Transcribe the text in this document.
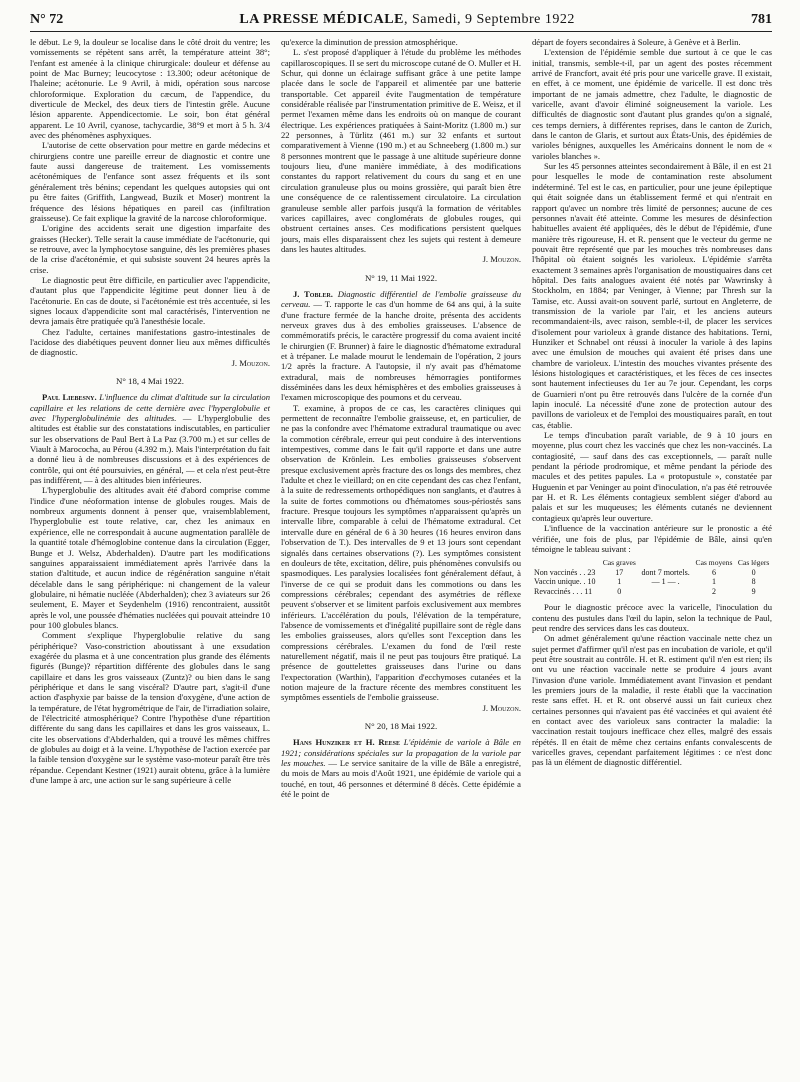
N° 72	LA PRESSE MÉDICALE, Samedi, 9 Septembre 1922	781

le début. Le 9, la douleur se localise dans le côté droit du ventre; les vomissements se répètent sans arrêt, la température atteint 38°; l'enfant est amenée à la clinique chirurgicale: douleur et défense au point de Mac Burney; leucocytose : 13.300; odeur acétonique de l'haleine; acétonurie. Le 9 Avril, à midi, opération sous narcose chloroformique. Exploration du cæcum, de l'appendice, du diverticule de Meckel, des deux tiers de l'intestin grêle. Aucune lésion apparente. Appendicectomie. Le soir, bon état général apparent. Le 10 Avril, cyanose, tachycardie, 38°9 et mort à 5 h. 3/4 avec des phénomènes asphyxiques.

L'autorise de cette observation pour mettre en garde médecins et chirurgiens contre une pareille erreur de diagnostic et contre une faute aussi dangereuse de traitement. Les vomissements acétonémiques de l'enfance sont assez fréquents et ils sont généralement très bénins; cependant les quelques autopsies qui ont pu être faites (Griffith, Langwead, Buzik et Moser) montrent la fréquence des lésions hépatiques en pareil cas (infiltration graisseuse). Ce fait explique la gravité de la narcose chloroformique.

L'origine des accidents serait une digestion imparfaite des graisses (Hecker). Telle serait la cause immédiate de l'acétonurie, qui se retrouve, avec la lymphocytose sanguine, dès les premières phases de la crise d'acétonémie, et qui subsiste souvent 24 heures après la crise.

Le diagnostic peut être difficile, en particulier avec l'appendicite, d'autant plus que l'appendicite légitime peut donner lieu à de l'acétonurie. En cas de doute, si l'acétonémie est très accentuée, si les signes locaux d'appendicite sont mal caractérisés, l'intervention ne devra jamais être pratiquée qu'à l'anesthésie locale.

Chez l'adulte, certaines manifestations gastro-intestinales de l'acidose des diabétiques peuvent donner lieu aux mêmes difficultés de diagnostic.

J. Mouzon.
N° 18, 4 Mai 1922.

Paul Liebesny. L'influence du climat d'altitude sur la circulation capillaire et les relations de cette dernière avec l'hyperglobulie et avec l'hyperglobulinémie des altitudes. — L'hyperglobulie des altitudes est établie sur des constatations indiscutables, en particulier sur les observations de Paul Bert à La Paz (3.700 m.) et sur celles de Viault à Marococha, au Pérou (4.392 m.). Mais l'interprétation du fait a donné lieu à de nombreuses discussions et à des expériences de contrôle, qui ont été poursuivies, en général, — et cela n'est peut-être pas indifférent, — à des altitudes bien inférieures.

L'hyperglobulie des altitudes avait été d'abord comprise comme l'indice d'une néoformation intense de globules rouges. Mais de nombreux arguments donnent à penser que, vraisemblablement, l'hyperglobulie est toute relative, car, chez les animaux en expérience, elle ne correspondait à aucune augmentation parallèle de la quantité totale d'hémoglobine contenue dans la circulation (Egger, Bunge et J. Welsz, Abderhalden). D'autre part les modifications sanguines apparaissaient immédiatement après l'arrivée dans la station d'altitude, et aucun indice de régénération sanguine n'était décelable dans le sang périphérique: ni changement de la valeur globulaire, ni hématie nucléée (Abderhalden); chez 3 aviateurs sur 26 seulement, E. Mayer et Seydenhelm (1916) rencontraient, aussitôt après le vol, une poussée d'hématies nucléées qui pouvait atteindre 10 pour 100 globules blancs.

Comment s'explique l'hyperglobulie relative du sang périphérique? Vaso-constriction aboutissant à une exsudation exagérée du plasma et à une concentration plus grande des éléments figurés (Bunge)? répartition différente des globules dans le sang capillaire et dans les gros vaisseaux (Zuntz)? ou bien dans le sang périphérique et dans le sang viscéral? D'autre part, s'agit-il d'une action d'asphyxie par baisse de la tension d'oxygène, d'une action de la température, de l'état hygrométrique de l'air, de l'irradiation solaire, de l'électricité atmosphérique? Contre l'hypothèse d'une répartition différente du sang dans les capillaires et dans les gros vaisseaux, L. cite les observations d'Abderhalden, qui a trouvé les mêmes chiffres de globules au doigt et à la veine. L'hypothèse de l'action exercée par la faible tension d'oxygène sur le système vaso-moteur paraît être très répandue. Cependant Kestner (1921) aurait obtenu, grâce à la lumière d'une lampe à arc, une action sur le sang supérieure à celle

qu'exerce la diminution de pression atmosphérique.

L. s'est proposé d'appliquer à l'étude du problème les méthodes capillaroscopiques. Il se sert du microscope cutané de O. Muller et H. Schur, qui donne un éclairage suffisant grâce à une petite lampe placée dans le socle de l'appareil et alimentée par une batterie transportable. Cet appareil évite l'augmentation de température considérable réalisée par l'instrumentation primitive de E. Weisz, et il permet l'examen même dans les endroits où on manque de courant électrique. Les expériences pratiquées à Saint-Moritz (1.800 m.) sur 22 personnes, à Türlitz (461 m.) sur 32 enfants et surtout comparativement à Vienne (190 m.) et au Schneeberg (1.800 m.) sur 8 personnes montrent que le passage à une altitude supérieure donne toujours lieu, d'une manière immédiate, à des modifications constantes du rapport relativement du cours du sang et en une circulation granuleuse plus ou moins grossière, qui paraît bien être une conséquence de ce ralentissement circulatoire. La circulation granuleuse semble aller parfois jusqu'à la formation de véritables varices capillaires, avec conglomérats de globules rouges, qui obstruent certaines anses. Ces modifications persistent quelques jours, mais elles disparaissent chez les sujets qui restent à demeure dans les hautes altitudes.

J. Mouzon.
N° 19, 11 Mai 1922.

J. Tobler. Diagnostic différentiel de l'embolie graisseuse du cerveau. — T. rapporte le cas d'un homme de 64 ans qui, à la suite d'une fracture fermée de la hanche droite, présenta des accidents nerveux graves dus à des embolies graisseuses. L'absence de commémoratifs précis, le caractère progressif du coma avaient incité le chirurgien (F. Brunner) à faire le diagnostic d'hématome extradural et à trépaner. Le malade mourut le lendemain de l'opération, 2 jours 1/2 après la fracture. A l'autopsie, il n'y avait pas d'hématome extradural, mais de nombreuses hémorragies pontiformes disséminées dans les deux hémisphères et des embolies graisseuses à l'examen microscopique des poumons et du cerveau.

T. examine, à propos de ce cas, les caractères cliniques qui permettent de reconnaître l'embolie graisseuse, et, en particulier, de ne pas la confondre avec l'hématome extradural traumatique ou avec la commotion cérébrale, erreur qui peut conduire à des interventions intempestives, comme dans le fait qu'il rapporte et dans une autre observation de Krönlein. Les embolies graisseuses s'observent presque exclusivement après fracture des os longs des membres, chez l'adulte et chez le vieillard; on en cite cependant des cas chez l'enfant, à la suite de redressements orthopédiques non sanglants, et d'autres à la suite de fortes commotions ou d'hématomes sous-périostés sans fracture. Presque toujours les symptômes n'apparaissent qu'après un intervalle libre, comparable à celui de l'hématome extradural. Cet intervalle dure en général de 6 à 30 heures (16 heures environ dans l'observation de T.). Des intervalles de 9 et 13 jours sont cependant signalés dans certaines observations (?). Les symptômes consistent en douleurs de tête, excitation, délire, puis phénomènes convulsifs ou spasmodiques. Les paralysies localisées font généralement défaut, à l'inverse de ce qui se produit dans les commotions ou dans les compressions cérébrales; cependant des asymétries de réflexe peuvent s'observer et se limitent parfois exclusivement aux membres inférieurs. L'accélération du pouls, l'élévation de la température, l'absence de vomissements et d'inégalité pupillaire sont de règle dans les embolies graisseuses, alors qu'elles sont l'exception dans les compressions cérébrales. L'examen du fond de l'œil reste naturellement négatif, mais il ne peut pas toujours être pratiqué. La présence de gouttelettes graisseuses dans l'urine ou dans l'expectoration (Warthin), l'apparition d'ecchymoses cutanées et la notion majeure de la fracture récente des membres constituent les symptômes essentiels de l'embolie graisseuse.

J. Mouzon.
N° 20, 18 Mai 1922.

Hans Hunziker et H. Reese L'épidémie de variole à Bâle en 1921; considérations spéciales sur la propagation de la variole par les mouches. — Le service sanitaire de la ville de Bâle a enregistré, du mois de Mars au mois d'Août 1921, une épidémie de variole qui a touché, en tout, 46 personnes et déterminé 8 décès. Cette épidémie a été le point de

départ de foyers secondaires à Soleure, à Genève et à Berlin.

L'extension de l'épidémie semble due surtout à ce que le cas initial, transmis, semble-t-il, par un agent des postes récemment arrivé de Francfort, avait été pris pour une varicelle grave. Il existait, en effet, à ce moment, une épidémie de varicelle. Il est donc très important de ne jamais admettre, chez l'adulte, le diagnostic de varicelle, avant d'avoir éliminé soigneusement la variole. Les difficultés de diagnostic sont d'autant plus grandes qu'on a signalé, ces temps derniers, à différentes reprises, dans le canton de Zurich, dans le canton de Glaris, et surtout aux États-Unis, des épidémies de varioles bénignes, auxquelles les Américains donnent le nom de « varioles blanches ».

Sur les 45 personnes atteintes secondairement à Bâle, il en est 21 pour lesquelles le mode de contamination reste absolument indéterminé. Tel est le cas, en particulier, pour une jeune épileptique qui était soignée dans un établissement fermé et qui n'entrait en rapport qu'avec un nombre très limité de personnes; aucune de ces personnes n'avait été atteinte. Comme les mesures de désinfection habituelles avaient été appliquées, dès le début de l'épidémie, d'une manière très rigoureuse, H. et R. pensent que le vecteur du germe ne pouvait être représenté que par les mouches très nombreuses dans l'hôpital où étaient soignés les varioleux. L'épidémie s'arrêta exactement 3 semaines après l'organisation de moustiquaires dans cet hôpital. Des faits analogues avaient été notés par Wawrinsky à Stockholm, en 1884; par Veninger, à Vienne; par Thresh sur la Tamise, etc. Aussi avait-on souvent parlé, surtout en Angleterre, de transmission de la variole par l'air, et les anciens auteurs recommandaient-ils, avec raison, semble-t-il, de placer les services d'isolement pour varioleux à grande distance des habitations. Terni, Hunziker et Schnabel ont réussi à inoculer la variole à des lapins avec une émulsion de mouches qui avaient été prises dans une chambre de varioleux. L'intestin des mouches vivantes présente des lésions histologiques et caractéristiques, et les fèces de ces insectes sont hautement infectieuses du 1er au 7e jour. Cependant, les corps de Guarnieri n'ont pu être retrouvés dans l'ulcère de la cornée d'un lapin inoculé. La nécessité d'une zone de protection autour des pavillons de varioleux et de l'emploi des moustiquaires paraît, en tout cas, établie.

Le temps d'incubation paraît variable, de 9 à 10 jours en moyenne, plus court chez les vaccinés que chez les non-vaccinés. La contagiosité, — sauf dans des cas exceptionnels, — paraît nulle pendant la période prodromique, et même pendant la période des macules et des petites papules. La « protopustule », constatée par Huguenin et par Veninger au point d'inoculation, n'a pas été retrouvée par H. et R. Les éléments contagieux semblent siéger d'abord au palais et sur les muqueuses; les éléments cutanés ne deviennent contagieux qu'après leur ouverture.

L'influence de la vaccination antérieure sur le pronostic a été vérifiée, une fois de plus, par l'épidémie de Bâle, ainsi qu'en témoigne le tableau suivant :

	Cas graves		Cas moyens	Cas légers
Non vaccinés . . 23	17	dont 7 mortels.	6	0
Vaccin unique. . 10	1	— 1 — .	1	8
Revaccinés . . . 11	0		2	9

Pour le diagnostic précoce avec la varicelle, l'inoculation du contenu des pustules dans l'œil du lapin, selon la technique de Paul, peut rendre des services dans les cas douteux.

On admet généralement qu'une réaction vaccinale nette chez un sujet permet d'affirmer qu'il n'est pas en incubation de variole, et qu'il peut être soustrait au contrôle. H. et R. estiment qu'il n'en est rien; ils ont vu une réaction vaccinale nette se produire 4 jours avant l'invasion d'une variole. Immédiatement avant l'invasion et pendant les premiers jours de la maladie, il reste établi que la vaccination reste sans effet. H. et R. ont observé aussi un fait curieux chez certaines personnes qui n'avaient pas été vaccinées et qui avaient été en contact avec des varioleux sans contracter la maladie: la vaccination restait toujours inefficace chez elles, malgré des essais répétés. Il en était de même chez certains enfants convalescents de varicelles graves, cependant parfaitement légitimes : ce n'est donc pas là un élément de diagnostic différentiel.
